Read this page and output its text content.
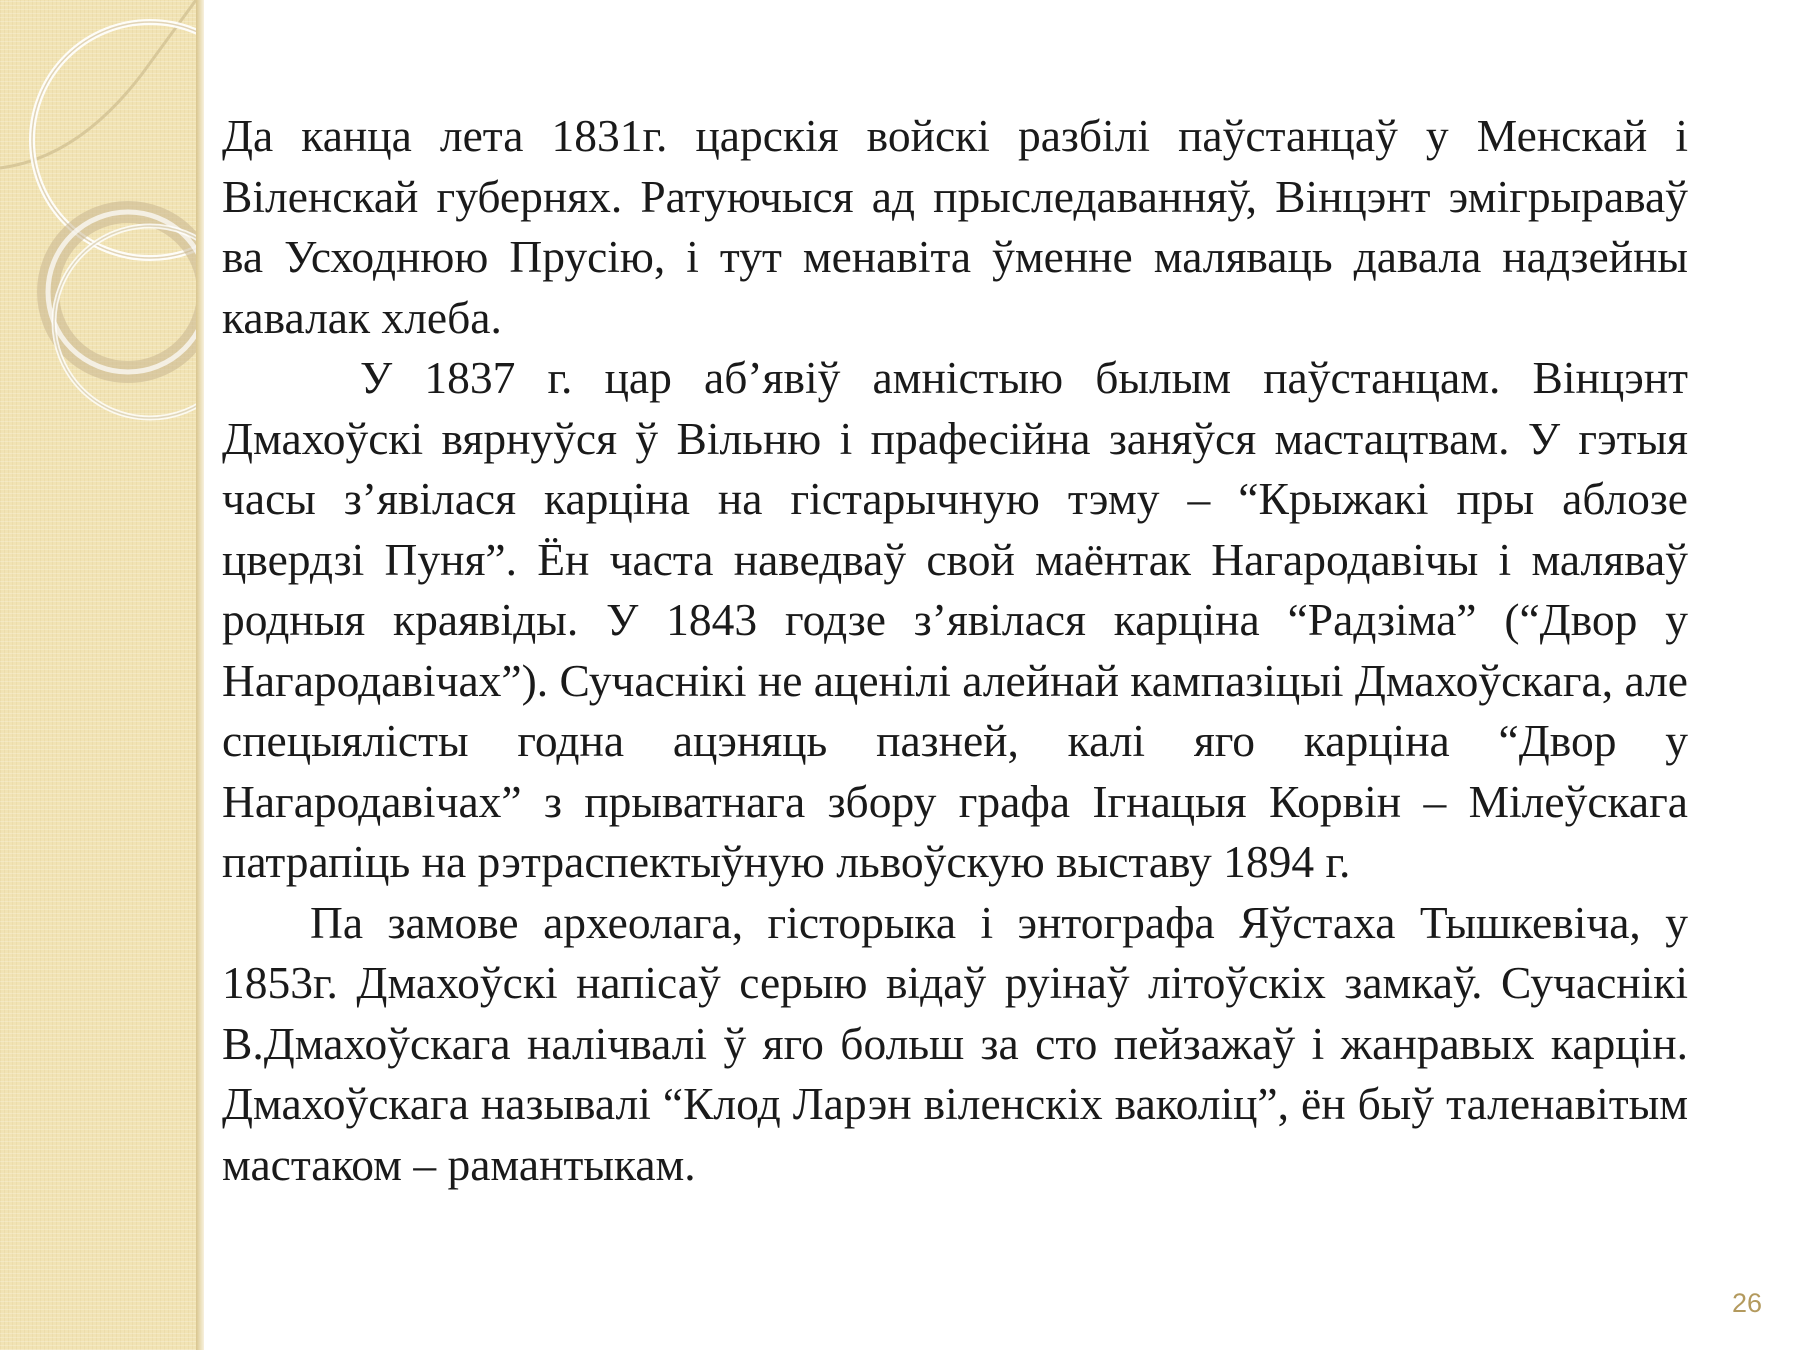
Да канца лета 1831г. царскія войскі разбілі паўстанцаў у Менскай і Віленскай губернях. Ратуючыся ад прыследаванняў, Вінцэнт эмігрыраваў ва Усходнюю Прусію, і тут менавіта ўменне маляваць давала надзейны кавалак хлеба.

У 1837 г. цар аб’явіў амністыю былым паўстанцам. Вінцэнт Дмахоўскі вярнуўся ў Вільню і прафесійна заняўся мастацтвам. У гэтыя часы з’явілася карціна на гістарычную тэму – “Крыжакі пры аблозе цвердзі Пуня”. Ён часта наведваў свой маёнтак Нагародавічы і маляваў родныя краявіды. У 1843 годзе з’явілася карціна “Радзіма” (“Двор у Нагародавічах”). Сучаснікі не аценілі алейнай кампазіцыі Дмахоўскага, але спецыялісты годна ацэняць пазней, калі яго карціна “Двор у Нагародавічах” з прыватнага збору графа Ігнацыя Корвін – Мілеўскага патрапіць на рэтраспектыўную львоўскую выставу 1894 г.

Па замове археолага, гісторыка і энтографа Яўстаха Тышкевіча, у 1853г. Дмахоўскі напісаў серыю відаў руінаў літоўскіх замкаў. Сучаснікі В.Дмахоўскага налічвалі ў яго больш за сто пейзажаў і жанравых карцін. Дмахоўскага называлі “Клод Ларэн віленскіх ваколіц”, ён быў таленавітым мастаком – рамантыкам.

26
